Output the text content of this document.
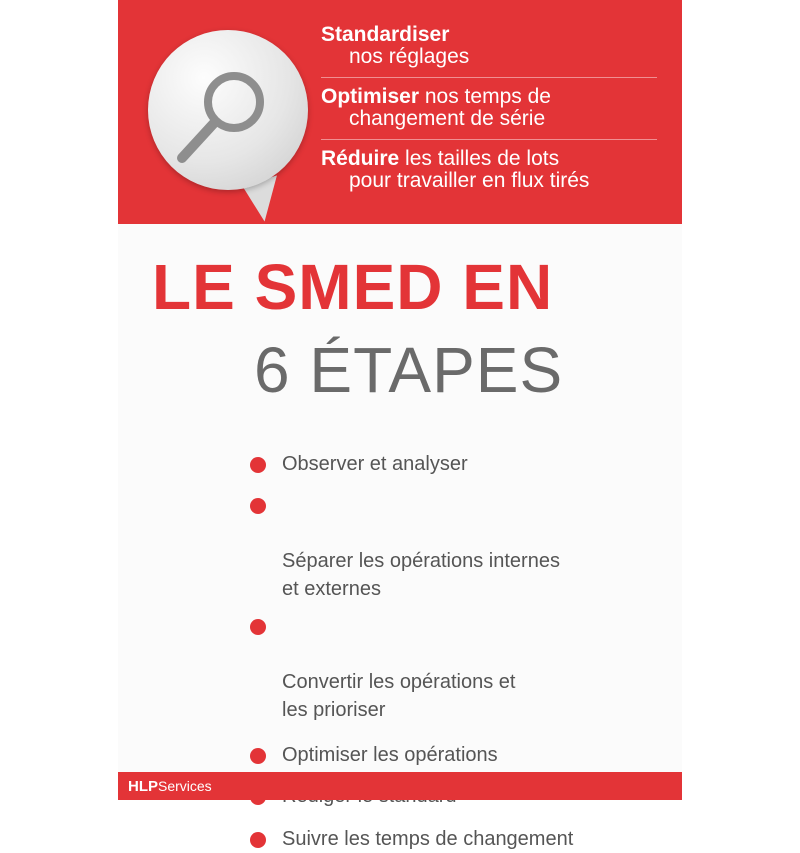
Standardiser
nos réglages
Optimiser nos temps de
changement de série
Réduire les tailles de lots
pour travailler en flux tirés
LE SMED EN
6 ÉTAPES
Observer et analyser

Séparer les opérations internes
et externes

Convertir les opérations et
les prioriser

Optimiser les opérations
Suivre les temps de changement
HLPServices
